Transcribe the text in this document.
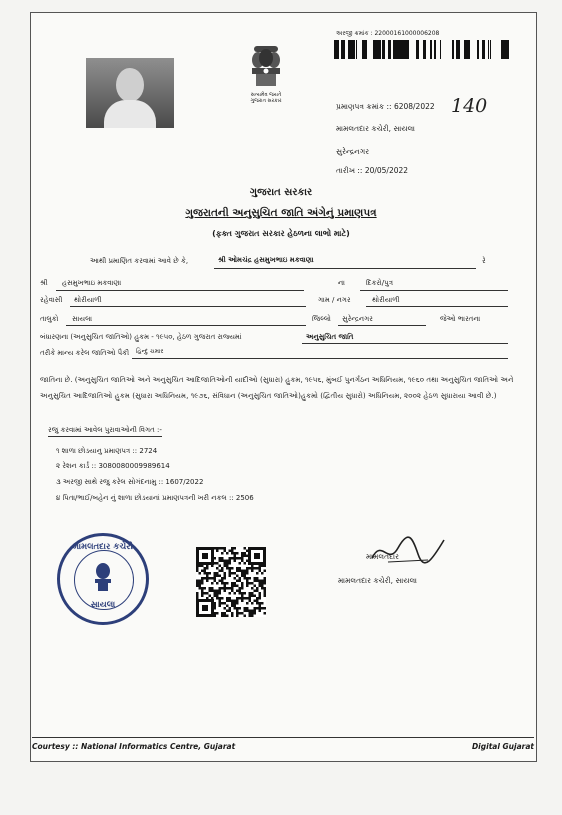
સત્યમેવ જયતે
ગુજરાત સરકાર
અરજી ક્રમાંક : 2200016100000620​8
પ્રમાણપત્ર ક્રમાંક :: 6208/2022 140
મામલતદાર કચેરી, સાયલા
સુરેન્દ્રનગર
તારીખ :: 20/05/2022
ગુજરાત સરકાર
ગુજરાતની અનુસુચિત જાતિ અંગેનું પ્રમાણપત્ર
(ફક્ત ગુજરાત સરકાર હેઠળના લાભો માટે)
આથી પ્રમાણિત કરવામાં આવે છે કે,	શ્રી ઓમચંદ્ર હસમુખભાઇ મકવાણા	રે
શ્રી હસમુખભાઇ મકવાણા	ના	દિકરો/પુત્ર
રહેવાસી થોરીયાળી	ગામ / નગર	થોરીયાળી
તાલુકો સાયલા	જિલ્લો સુરેન્દ્રનગર	જેઓ ભારતના
બંધારણના (અનુસુચિત જાતિઓ) હુકમ - ૧૯૫૦, હેઠળ ગુજરાત રાજ્યમાં	અનુસુચિત જાતિ
તરીકે માન્ય કરેલ જાતિઓ પૈકી હિન્દુ ચમાર
જાતિના છે. (અનુસુચિત જાતિઓ અને અનુસુચિત આદિજાતિઓની યાદીઓ (સુધારા) હુકમ, ૧૯૫૬, મુંબઈ પુનર્ગઠન અધિનિયમ, ૧૯૬૦ તથા અનુસુચિત જાતિઓ અને અનુસુચિત આદિજાતિઓ હુકમ (સુધારા અધિનિયમ, ૧૯૭૬, સંવિધાન (અનુસુચિત જાતિઓ)હુકમો (દ્વિતીય સુધારો) અધિનિયમ, ૨૦૦૨ હેઠળ સુધારાયા આવી છે.)
રજુ કરવામાં આવેલ પુરાવાઓની વિગત :-
૧ શાળા છોડયાનુ પ્રમાણપત્ર :: 2724
૨ રેશન કાર્ડ :: 3080080009989614
૩ અરજી સાથે રજુ કરેલ સોગંદનામુ :: 1607/2022
૪ પિતા/ભાઈ/બહેન નું શાળા છોડયાનાં પ્રમાણપત્રની ખરી નકલ :: 2506
મામલતદાર કચેરી
સાયલા
મામલતદાર
મામલતદાર કચેરી, સાયલા
Courtesy :: National Informatics Centre, Gujarat	Digital Gujarat
